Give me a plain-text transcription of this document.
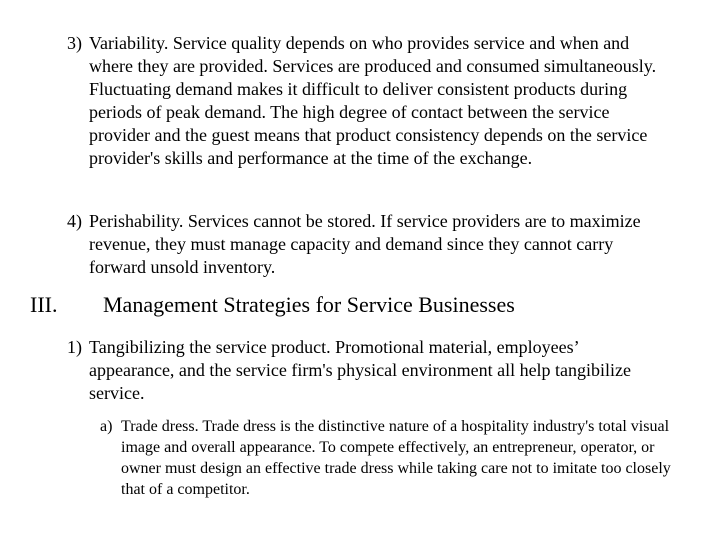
3) Variability. Service quality depends on who provides service and when and where they are provided. Services are produced and consumed simultaneously. Fluctuating demand makes it difficult to deliver consistent products during periods of peak demand. The high degree of contact between the service provider and the guest means that product consistency depends on the service provider's skills and performance at the time of the exchange.
4) Perishability. Services cannot be stored. If service providers are to maximize revenue, they must manage capacity and demand since they cannot carry forward unsold inventory.
III. Management Strategies for Service Businesses
1) Tangibilizing the service product. Promotional material, employees’ appearance, and the service firm's physical environment all help tangibilize service.
a) Trade dress. Trade dress is the distinctive nature of a hospitality industry's total visual image and overall appearance. To compete effectively, an entrepreneur, operator, or owner must design an effective trade dress while taking care not to imitate too closely that of a competitor.
